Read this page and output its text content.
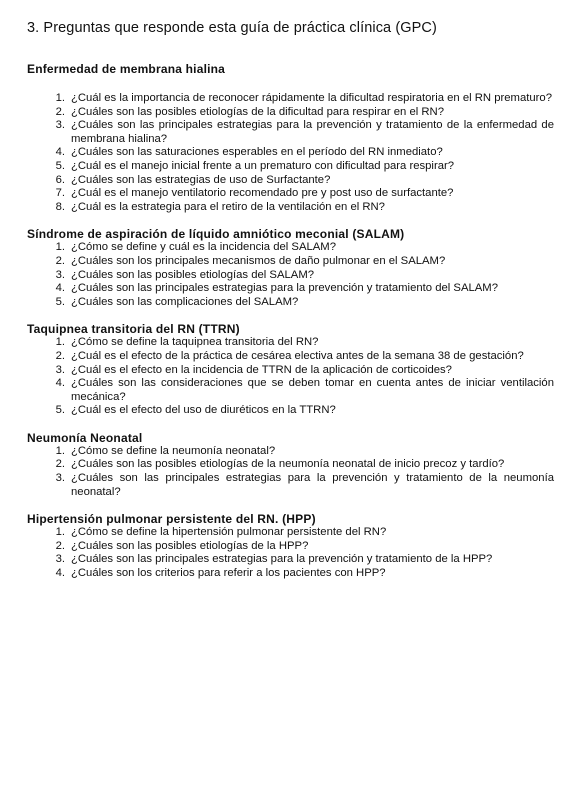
3. Preguntas que responde esta guía de práctica clínica (GPC)
Enfermedad de membrana hialina
1. ¿Cuál es la importancia de reconocer rápidamente la dificultad respiratoria en el RN prematuro?
2. ¿Cuáles son las posibles etiologías de la dificultad para respirar en el RN?
3. ¿Cuáles son las principales estrategias para la prevención y tratamiento de la enfermedad de membrana hialina?
4. ¿Cuáles son las saturaciones esperables en el período del RN inmediato?
5. ¿Cuál es el manejo inicial frente a un prematuro con dificultad para respirar?
6. ¿Cuáles son las estrategias de uso de Surfactante?
7. ¿Cuál es el manejo ventilatorio recomendado pre y post uso de surfactante?
8. ¿Cuál es la estrategia para el retiro de la ventilación en el RN?
Síndrome de aspiración de líquido amniótico meconial (SALAM)
1. ¿Cómo se define y cuál es la incidencia del SALAM?
2. ¿Cuáles son los principales mecanismos de daño pulmonar en el SALAM?
3. ¿Cuáles son las posibles etiologías del SALAM?
4. ¿Cuáles son las principales estrategias para la prevención y tratamiento del SALAM?
5. ¿Cuáles son las complicaciones del SALAM?
Taquipnea transitoria del RN (TTRN)
1. ¿Cómo se define la taquipnea transitoria del RN?
2. ¿Cuál es el efecto de la práctica de cesárea electiva antes de la semana 38 de gestación?
3. ¿Cuál es el efecto en la incidencia de TTRN de la aplicación de corticoides?
4. ¿Cuáles son las consideraciones que se deben tomar en cuenta antes de iniciar ventilación mecánica?
5. ¿Cuál es el efecto del uso de diuréticos en la TTRN?
Neumonía Neonatal
1. ¿Cómo se define la neumonía neonatal?
2. ¿Cuáles son las posibles etiologías de la neumonía neonatal de inicio precoz y tardío?
3. ¿Cuáles son las principales estrategias para la prevención y tratamiento de la neumonía neonatal?
Hipertensión pulmonar persistente del RN. (HPP)
1. ¿Cómo se define la hipertensión pulmonar persistente del RN?
2. ¿Cuáles son las posibles etiologías de la HPP?
3. ¿Cuáles son las principales estrategias para la prevención y tratamiento de la HPP?
4. ¿Cuáles son los criterios para referir a los pacientes con HPP?
